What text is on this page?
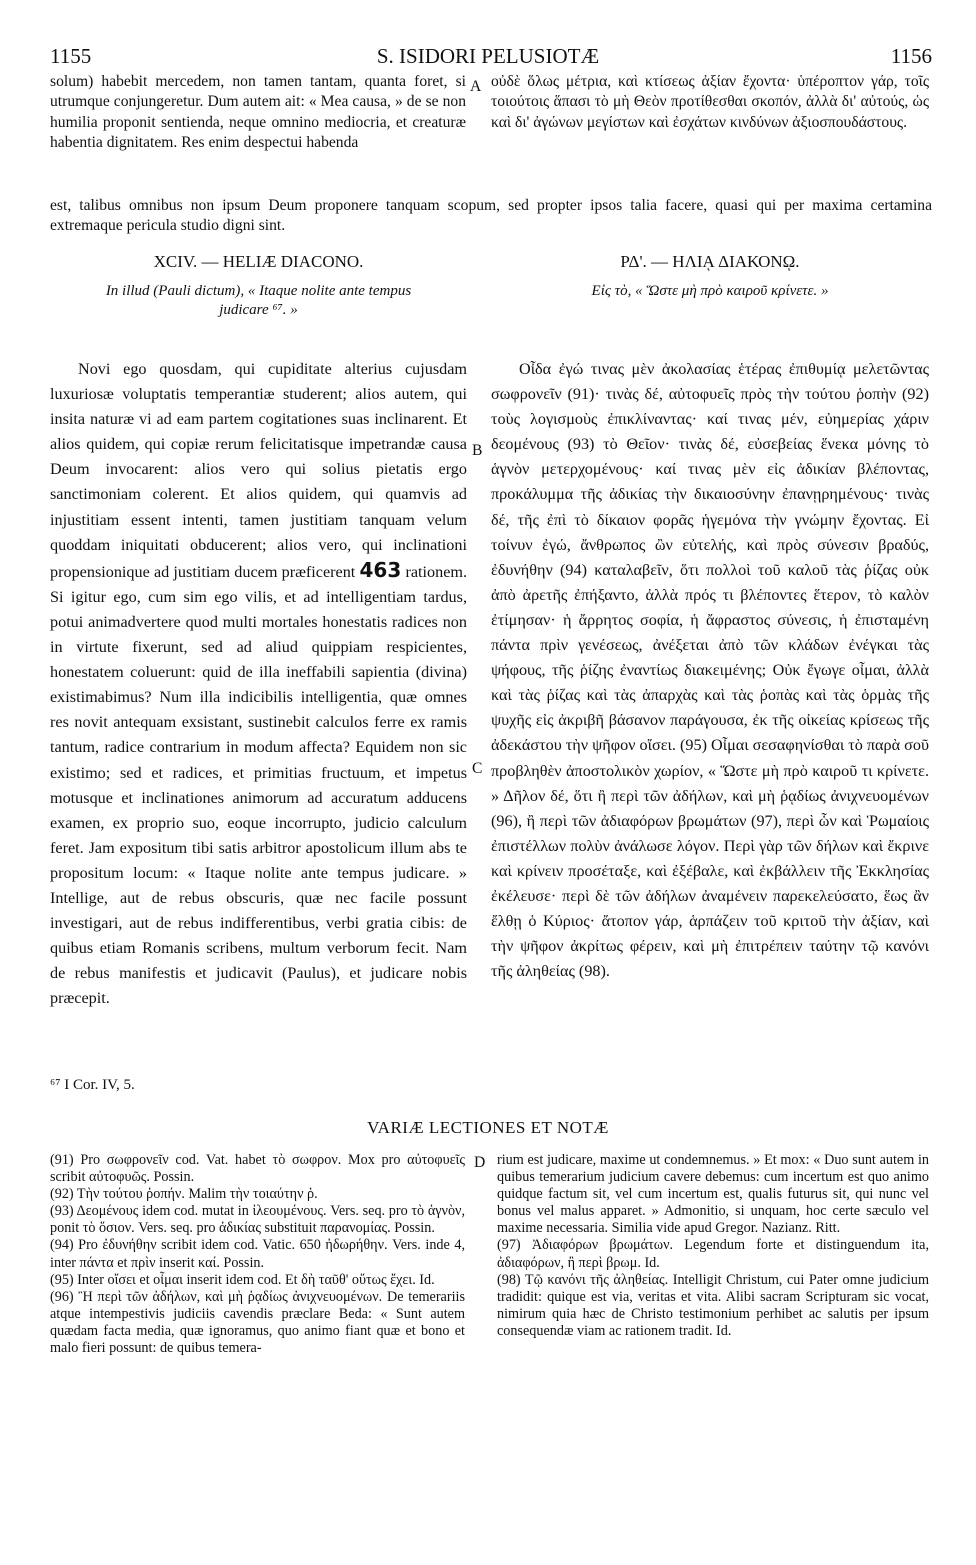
1155	S. ISIDORI PELUSIOTÆ	1156
solum) habebit mercedem, non tamen tantam, quanta foret, si utrumque conjungeretur. Dum autem ait: « Mea causa, » de se non humilia proponit sentienda, neque omnino mediocria, et creaturæ habentia dignitatem. Res enim despectui habenda
A οὐδὲ ὅλως μέτρια, καὶ κτίσεως ἀξίαν ἔχοντα· ὑπέροπτον γάρ, τοῖς τοιούτοις ἅπασι τὸ μὴ Θεὸν προτίθεσθαι σκοπόν, ἀλλὰ δι' αὐτούς, ὡς καὶ δι' ἀγώνων μεγίστων καὶ ἐσχάτων κινδύνων ἀξιοσπουδάστους.
est, talibus omnibus non ipsum Deum proponere tanquam scopum, sed propter ipsos talia facere, quasi qui per maxima certamina extremaque pericula studio digni sint.
XCIV. — HELIÆ DIACONO.	ΡΔ'. — ΗΛΙᾼ ΔΙΑΚΟΝῼ.
In illud (Pauli dictum), « Itaque nolite ante tempus
judicare ⁶⁷. »
Εἰς τὸ, « Ὥστε μὴ πρὸ καιροῦ κρίνετε. »

Novi ego quosdam, qui cupiditate alterius cujusdam luxuriosæ voluptatis temperantiæ studerent; alios autem, qui insita naturæ vi ad eam partem cogitationes suas inclinarent. Et alios quidem, qui copiæ rerum felicitatisque impetrandæ causa Deum invocarent: alios vero qui solius pietatis ergo sanctimoniam colerent. Et alios quidem, qui quamvis ad injustitiam essent intenti, tamen justitiam tanquam velum quoddam iniquitati obducerent; alios vero, qui inclinationi propensionique ad justitiam ducem præficerent 463 rationem. Si igitur ego, cum sim ego vilis, et ad intelligentiam tardus, potui animadvertere quod multi mortales honestatis radices non in virtute fixerunt, sed ad aliud quippiam respicientes, honestatem coluerunt: quid de illa ineffabili sapientia (divina) existimabimus? Num illa indicibilis intelligentia, quæ omnes res novit antequam exsistant, sustinebit calculos ferre ex ramis tantum, radice contrarium in modum affecta? Equidem non sic existimo; sed et radices, et primitias fructuum, et impetus motusque et inclinationes animorum ad accuratum adducens examen, ex proprio suo, eoque incorrupto, judicio calculum feret. Jam expositum tibi satis arbitror apostolicum illum abs te propositum locum: « Itaque nolite ante tempus judicare. » Intellige, aut de rebus obscuris, quæ nec facile possunt investigari, aut de rebus indifferentibus, verbi gratia cibis: de quibus etiam Romanis scribens, multum verborum fecit. Nam de rebus manifestis et judicavit (Paulus), et judicare nobis præcepit.

B
C

Οἶδα ἐγώ τινας μὲν ἀκολασίας ἑτέρας ἐπιθυμίᾳ μελετῶντας σωφρονεῖν (91)· τινὰς δέ, αὐτοφυεῖς πρὸς τὴν τούτου ῥοπὴν (92) τοὺς λογισμοὺς ἐπικλίναντας· καί τινας μέν, εὐημερίας χάριν δεομένους (93) τὸ Θεῖον· τινὰς δέ, εὐσεβείας ἕνεκα μόνης τὸ ἁγνὸν μετερχομένους· καί τινας μὲν εἰς ἀδικίαν βλέποντας, προκάλυμμα τῆς ἀδικίας τὴν δικαιοσύνην ἐπανῃρημένους· τινὰς δέ, τῆς ἐπὶ τὸ δίκαιον φορᾶς ἡγεμόνα τὴν γνώμην ἔχοντας. Εἰ τοίνυν ἐγώ, ἄνθρωπος ὢν εὐτελής, καὶ πρὸς σύνεσιν βραδύς, ἐδυνήθην (94) καταλαβεῖν, ὅτι πολλοὶ τοῦ καλοῦ τὰς ῥίζας οὐκ ἀπὸ ἀρετῆς ἐπήξαντο, ἀλλὰ πρός τι βλέποντες ἕτερον, τὸ καλὸν ἐτίμησαν· ἡ ἄρρητος σοφία, ἡ ἄφραστος σύνεσις, ἡ ἐπισταμένη πάντα πρὶν γενέσεως, ἀνέξεται ἀπὸ τῶν κλάδων ἐνέγκαι τὰς ψήφους, τῆς ῥίζης ἐναντίως διακειμένης; Οὐκ ἔγωγε οἶμαι, ἀλλὰ καὶ τὰς ῥίζας καὶ τὰς ἀπαρχὰς καὶ τὰς ῥοπὰς καὶ τὰς ὁρμὰς τῆς ψυχῆς εἰς ἀκριβῆ βάσανον παράγουσα, ἐκ τῆς οἰκείας κρίσεως τῆς ἀδεκάστου τὴν ψῆφον οἴσει. (95) Οἶμαι σεσαφηνίσθαι τὸ παρὰ σοῦ προβληθὲν ἀποστολικὸν χωρίον, « Ὥστε μὴ πρὸ καιροῦ τι κρίνετε. » Δῆλον δέ, ὅτι ἢ περὶ τῶν ἀδήλων, καὶ μὴ ῥᾳδίως ἀνιχνευομένων (96), ἢ περὶ τῶν ἀδιαφόρων βρωμάτων (97), περὶ ὧν καὶ Ῥωμαίοις ἐπιστέλλων πολὺν ἀνάλωσε λόγον. Περὶ γὰρ τῶν δήλων καὶ ἔκρινε καὶ κρίνειν προσέταξε, καὶ ἐξέβαλε, καὶ ἐκβάλλειν τῆς Ἐκκλησίας ἐκέλευσε· περὶ δὲ τῶν ἀδήλων ἀναμένειν παρεκελεύσατο, ἕως ἂν ἔλθῃ ὁ Κύριος· ἄτοπον γάρ, ἁρπάζειν τοῦ κριτοῦ τὴν ἀξίαν, καὶ τὴν ψῆφον ἀκρίτως φέρειν, καὶ μὴ ἐπιτρέπειν ταύτην τῷ κανόνι τῆς ἀληθείας (98).

⁶⁷ I Cor. IV, 5.
VARIÆ LECTIONES ET NOTÆ

(91) Pro σωφρονεῖν cod. Vat. habet τὸ σωφρον. Mox pro αὐτοφυεῖς scribit αὐτοφυῶς. Possin.

(92) Τὴν τούτου ῥοπήν. Malim τὴν τοιαύτην ῥ.

(93) Δεομένους idem cod. mutat in ἰλεουμένους. Vers. seq. pro τὸ ἁγνὸν, ponit τὸ ὅσιον. Vers. seq. pro ἀδικίας substituit παρανομίας. Possin.

(94) Pro ἐδυνήθην scribit idem cod. Vatic. 650 ἠδωρήθην. Vers. inde 4, inter πάντα et πρὶν inserit καί. Possin.

(95) Inter οἴσει et οἶμαι inserit idem cod. Et δὴ ταῦθ' οὕτως ἔχει. Id.

(96) Ἢ περὶ τῶν ἀδήλων, καὶ μὴ ῥᾳδίως ἀνιχνευομένων. De temerariis atque intempestivis judiciis cavendis præclare Beda: « Sunt autem quædam facta media, quæ ignoramus, quo animo fiant quæ et bono et malo fieri possunt: de quibus temera-

D rium est judicare, maxime ut condemnemus. » Et mox: « Duo sunt autem in quibus temerarium judicium cavere debemus: cum incertum est quo animo quidque factum sit, vel cum incertum est, qualis futurus sit, qui nunc vel bonus vel malus apparet. » Admonitio, si unquam, hoc certe sæculo vel maxime necessaria. Similia vide apud Gregor. Nazianz. Ritt.

(97) Ἀδιαφόρων βρωμάτων. Legendum forte et distinguendum ita, ἀδιαφόρων, ἢ περὶ βρωμ. Id.

(98) Τῷ κανόνι τῆς ἀληθείας. Intelligit Christum, cui Pater omne judicium tradidit: quique est via, veritas et vita. Alibi sacram Scripturam sic vocat, nimirum quia hæc de Christo testimonium perhibet ac salutis per ipsum consequendæ viam ac rationem tradit. Id.
